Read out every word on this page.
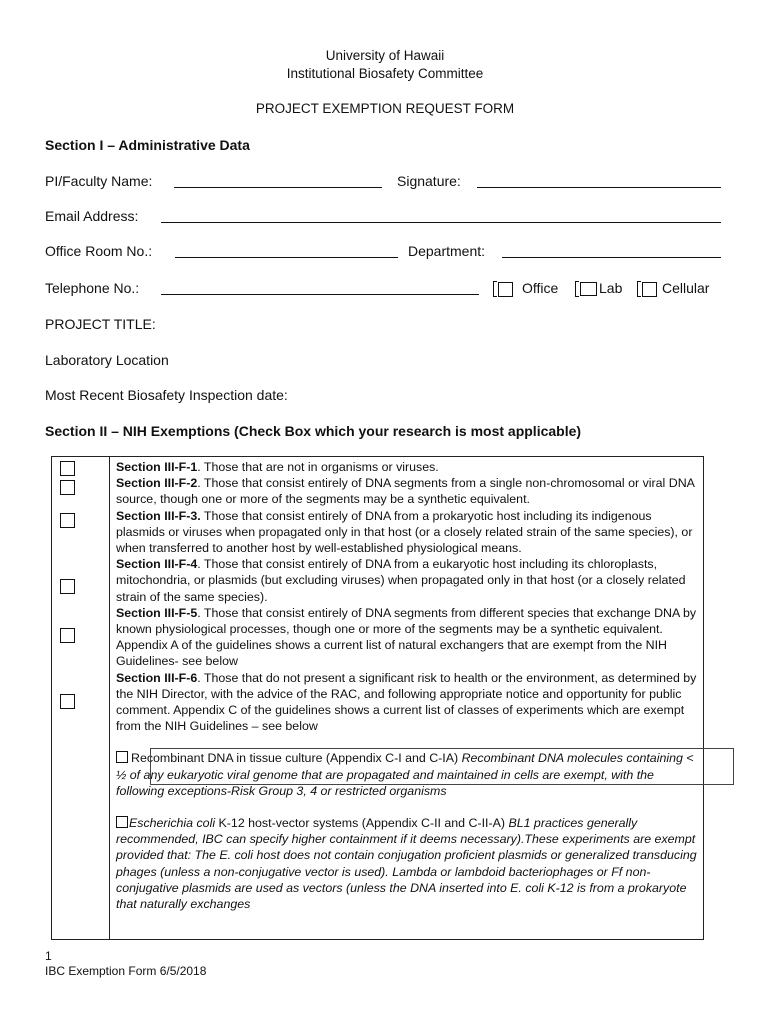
University of Hawaii
Institutional Biosafety Committee
PROJECT EXEMPTION REQUEST FORM
Section I – Administrative Data
PI/Faculty Name:	Signature:
Email Address:
Office Room No.:	Department:
Telephone No.:	Office	Lab	Cellular
PROJECT TITLE:
Laboratory Location
Most Recent Biosafety Inspection date:
Section II – NIH Exemptions (Check Box which your research is most applicable)

Section III-F-1. Those that are not in organisms or viruses.

Section III-F-2. Those that consist entirely of DNA segments from a single non-chromosomal or viral DNA source, though one or more of the segments may be a synthetic equivalent.

Section III-F-3. Those that consist entirely of DNA from a prokaryotic host including its indigenous plasmids or viruses when propagated only in that host (or a closely related strain of the same species), or when transferred to another host by well-established physiological means.

Section III-F-4. Those that consist entirely of DNA from a eukaryotic host including its chloroplasts, mitochondria, or plasmids (but excluding viruses) when propagated only in that host (or a closely related strain of the same species).

Section III-F-5. Those that consist entirely of DNA segments from different species that exchange DNA by known physiological processes, though one or more of the segments may be a synthetic equivalent. Appendix A of the guidelines shows a current list of natural exchangers that are exempt from the NIH Guidelines- see below

Section III-F-6. Those that do not present a significant risk to health or the environment, as determined by the NIH Director, with the advice of the RAC, and following appropriate notice and opportunity for public comment. Appendix C of the guidelines shows a current list of classes of experiments which are exempt from the NIH Guidelines – see below

Recombinant DNA in tissue culture (Appendix C-I and C-IA) Recombinant DNA molecules containing < ½ of any eukaryotic viral genome that are propagated and maintained in cells are exempt, with the following exceptions-Risk Group 3, 4 or restricted organisms

Escherichia coli K-12 host-vector systems (Appendix C-II and C-II-A) BL1 practices generally recommended, IBC can specify higher containment if it deems necessary).These experiments are exempt provided that: The E. coli host does not contain conjugation proficient plasmids or generalized transducing phages (unless a non-conjugative vector is used). Lambda or lambdoid bacteriophages or Ff non-conjugative plasmids are used as vectors (unless the DNA inserted into E. coli K-12 is from a prokaryote that naturally exchanges

1
IBC Exemption Form 6/5/2018
